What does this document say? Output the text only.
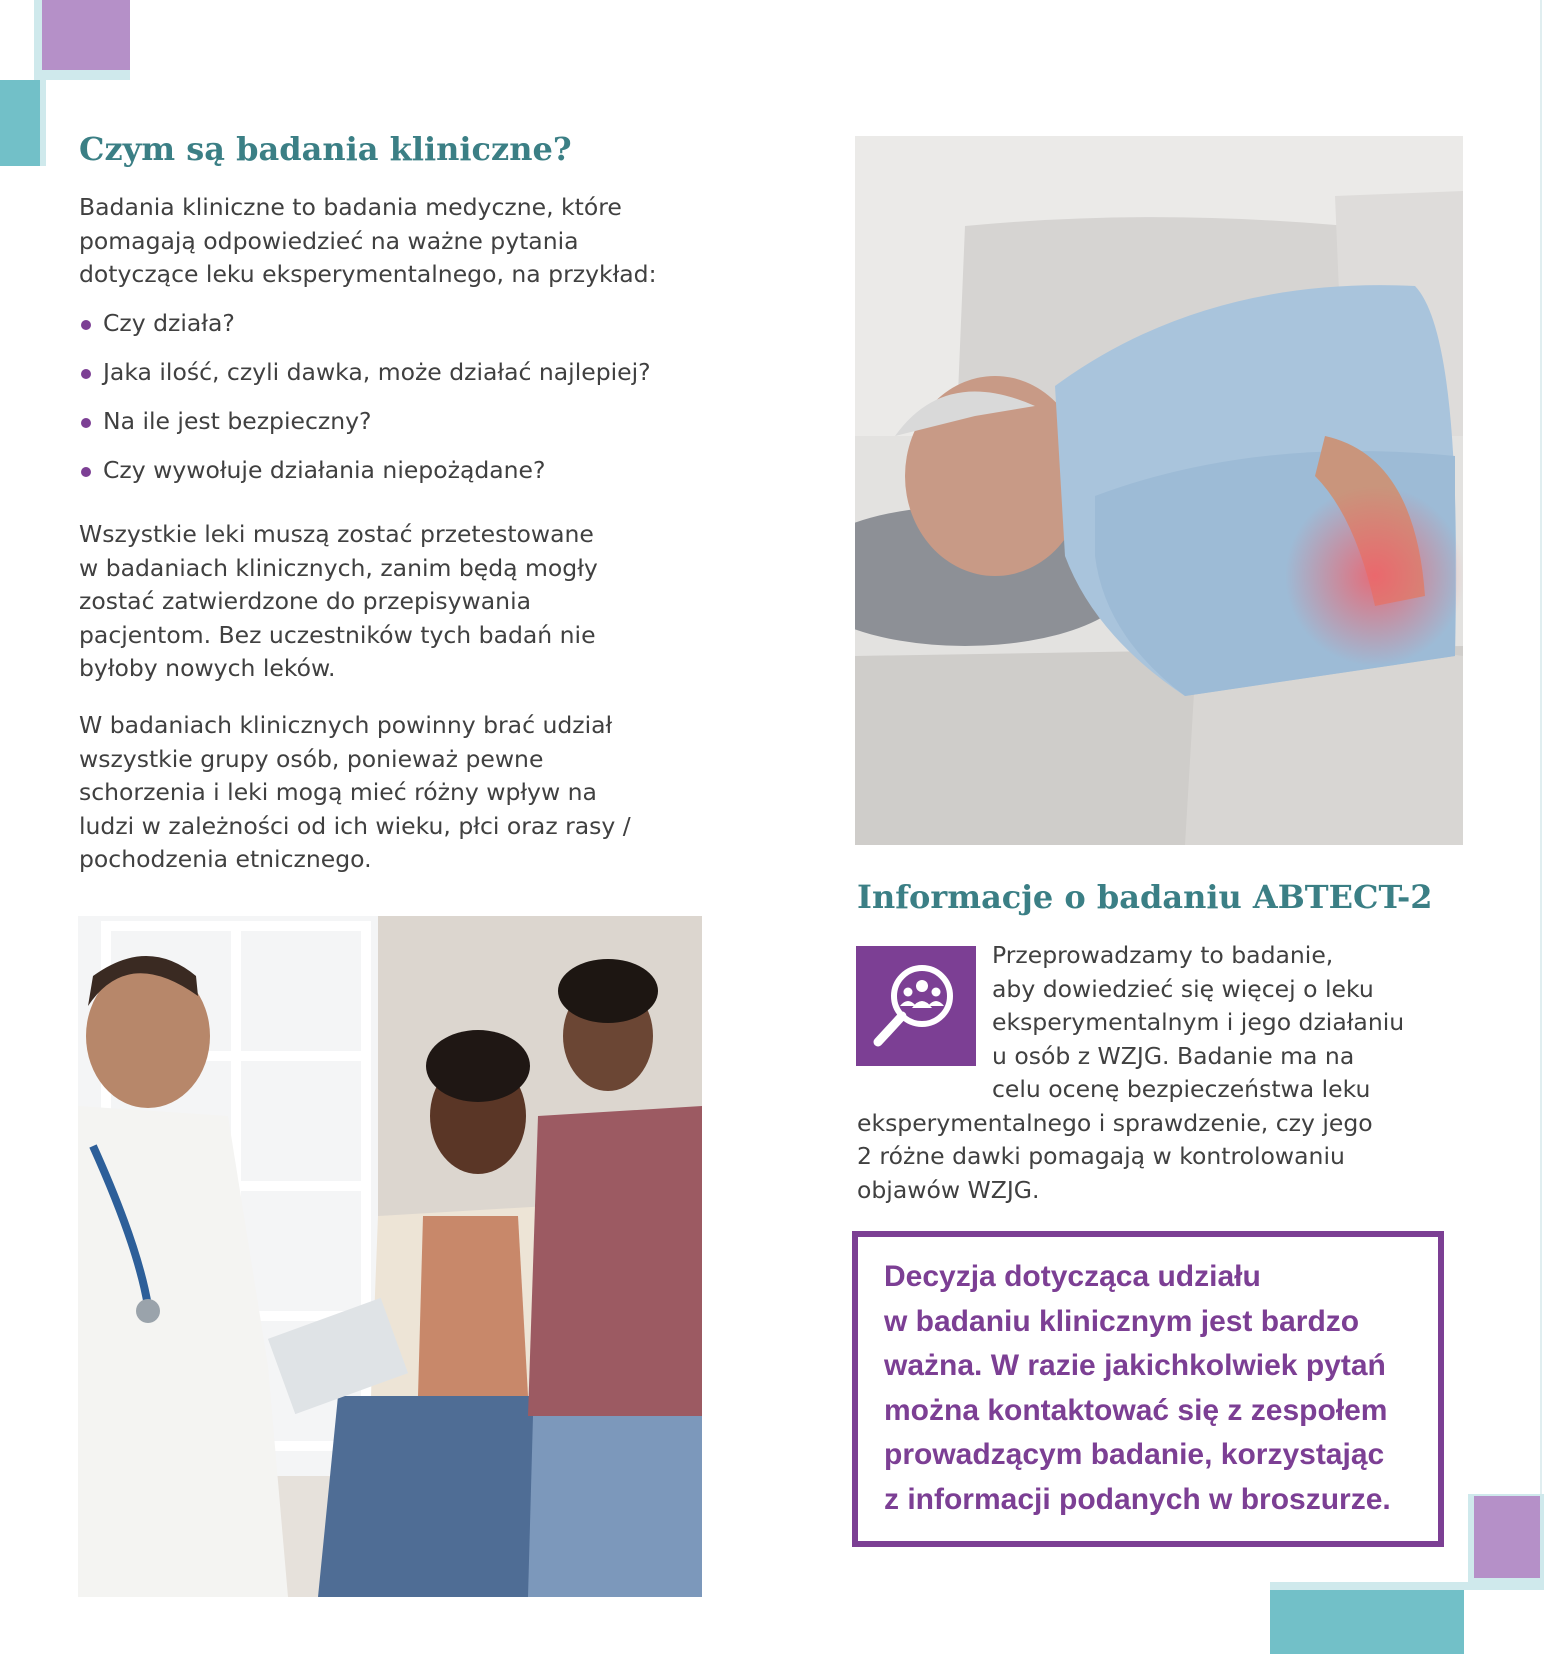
Czym są badania kliniczne?

Badania kliniczne to badania medyczne, które

pomagają odpowiedzieć na ważne pytania

dotyczące leku eksperymentalnego, na przykład:

Czy działa?
Jaka ilość, czyli dawka, może działać najlepiej?
Na ile jest bezpieczny?
Czy wywołuje działania niepożądane?

Wszystkie leki muszą zostać przetestowane

w badaniach klinicznych, zanim będą mogły

zostać zatwierdzone do przepisywania

pacjentom. Bez uczestników tych badań nie

byłoby nowych leków.

W badaniach klinicznych powinny brać udział

wszystkie grupy osób, ponieważ pewne

schorzenia i leki mogą mieć różny wpływ na

ludzi w zależności od ich wieku, płci oraz rasy /

pochodzenia etnicznego.

Informacje o badaniu ABTECT-2

Przeprowadzamy to badanie,

aby dowiedzieć się więcej o leku

eksperymentalnym i jego działaniu

u osób z WZJG. Badanie ma na

celu ocenę bezpieczeństwa leku

eksperymentalnego i sprawdzenie, czy jego

2 różne dawki pomagają w kontrolowaniu

objawów WZJG.

Decyzja dotycząca udziału
w badaniu klinicznym jest bardzo
ważna. W razie jakichkolwiek pytań
można kontaktować się z zespołem
prowadzącym badanie, korzystając
z informacji podanych w broszurze.
